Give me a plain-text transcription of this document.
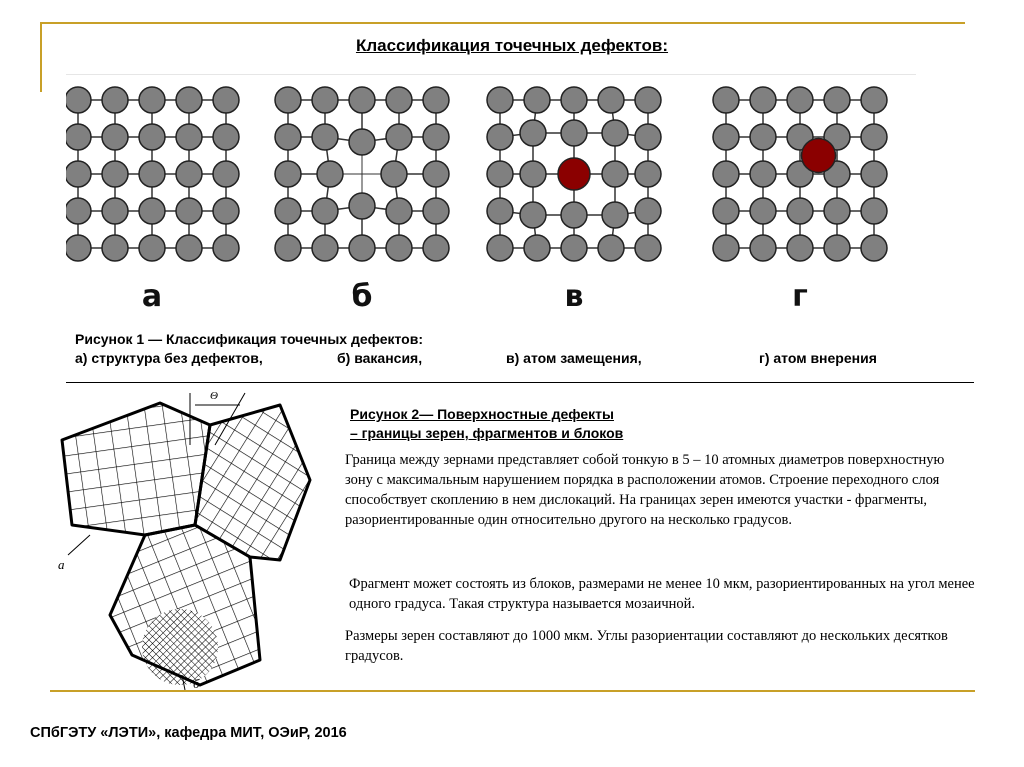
Классификация точечных дефектов:
а	б	в	г
Рисунок 1 — Классификация точечных дефектов:
а) структура без дефектов,	б) вакансия,	в) атом замещения,	г) атом внерения
Θ
а
б
Рисунок 2— Поверхностные дефекты
– границы зерен, фрагментов и блоков
Граница между зернами представляет собой тонкую в 5 – 10 атомных диаметров поверхностную зону с максимальным нарушением порядка в расположении атомов. Строение переходного слоя способствует скоплению в нем дислокаций. На границах зерен имеются участки - фрагменты, разориентированные один относительно другого на несколько градусов.
Фрагмент может состоять из блоков, размерами не менее 10 мкм, разориентированных на угол менее одного градуса. Такая структура называется мозаичной.
Размеры зерен составляют до 1000 мкм. Углы разориентации составляют до нескольких десятков градусов.
СПбГЭТУ «ЛЭТИ», кафедра МИТ, ОЭиР, 2016
